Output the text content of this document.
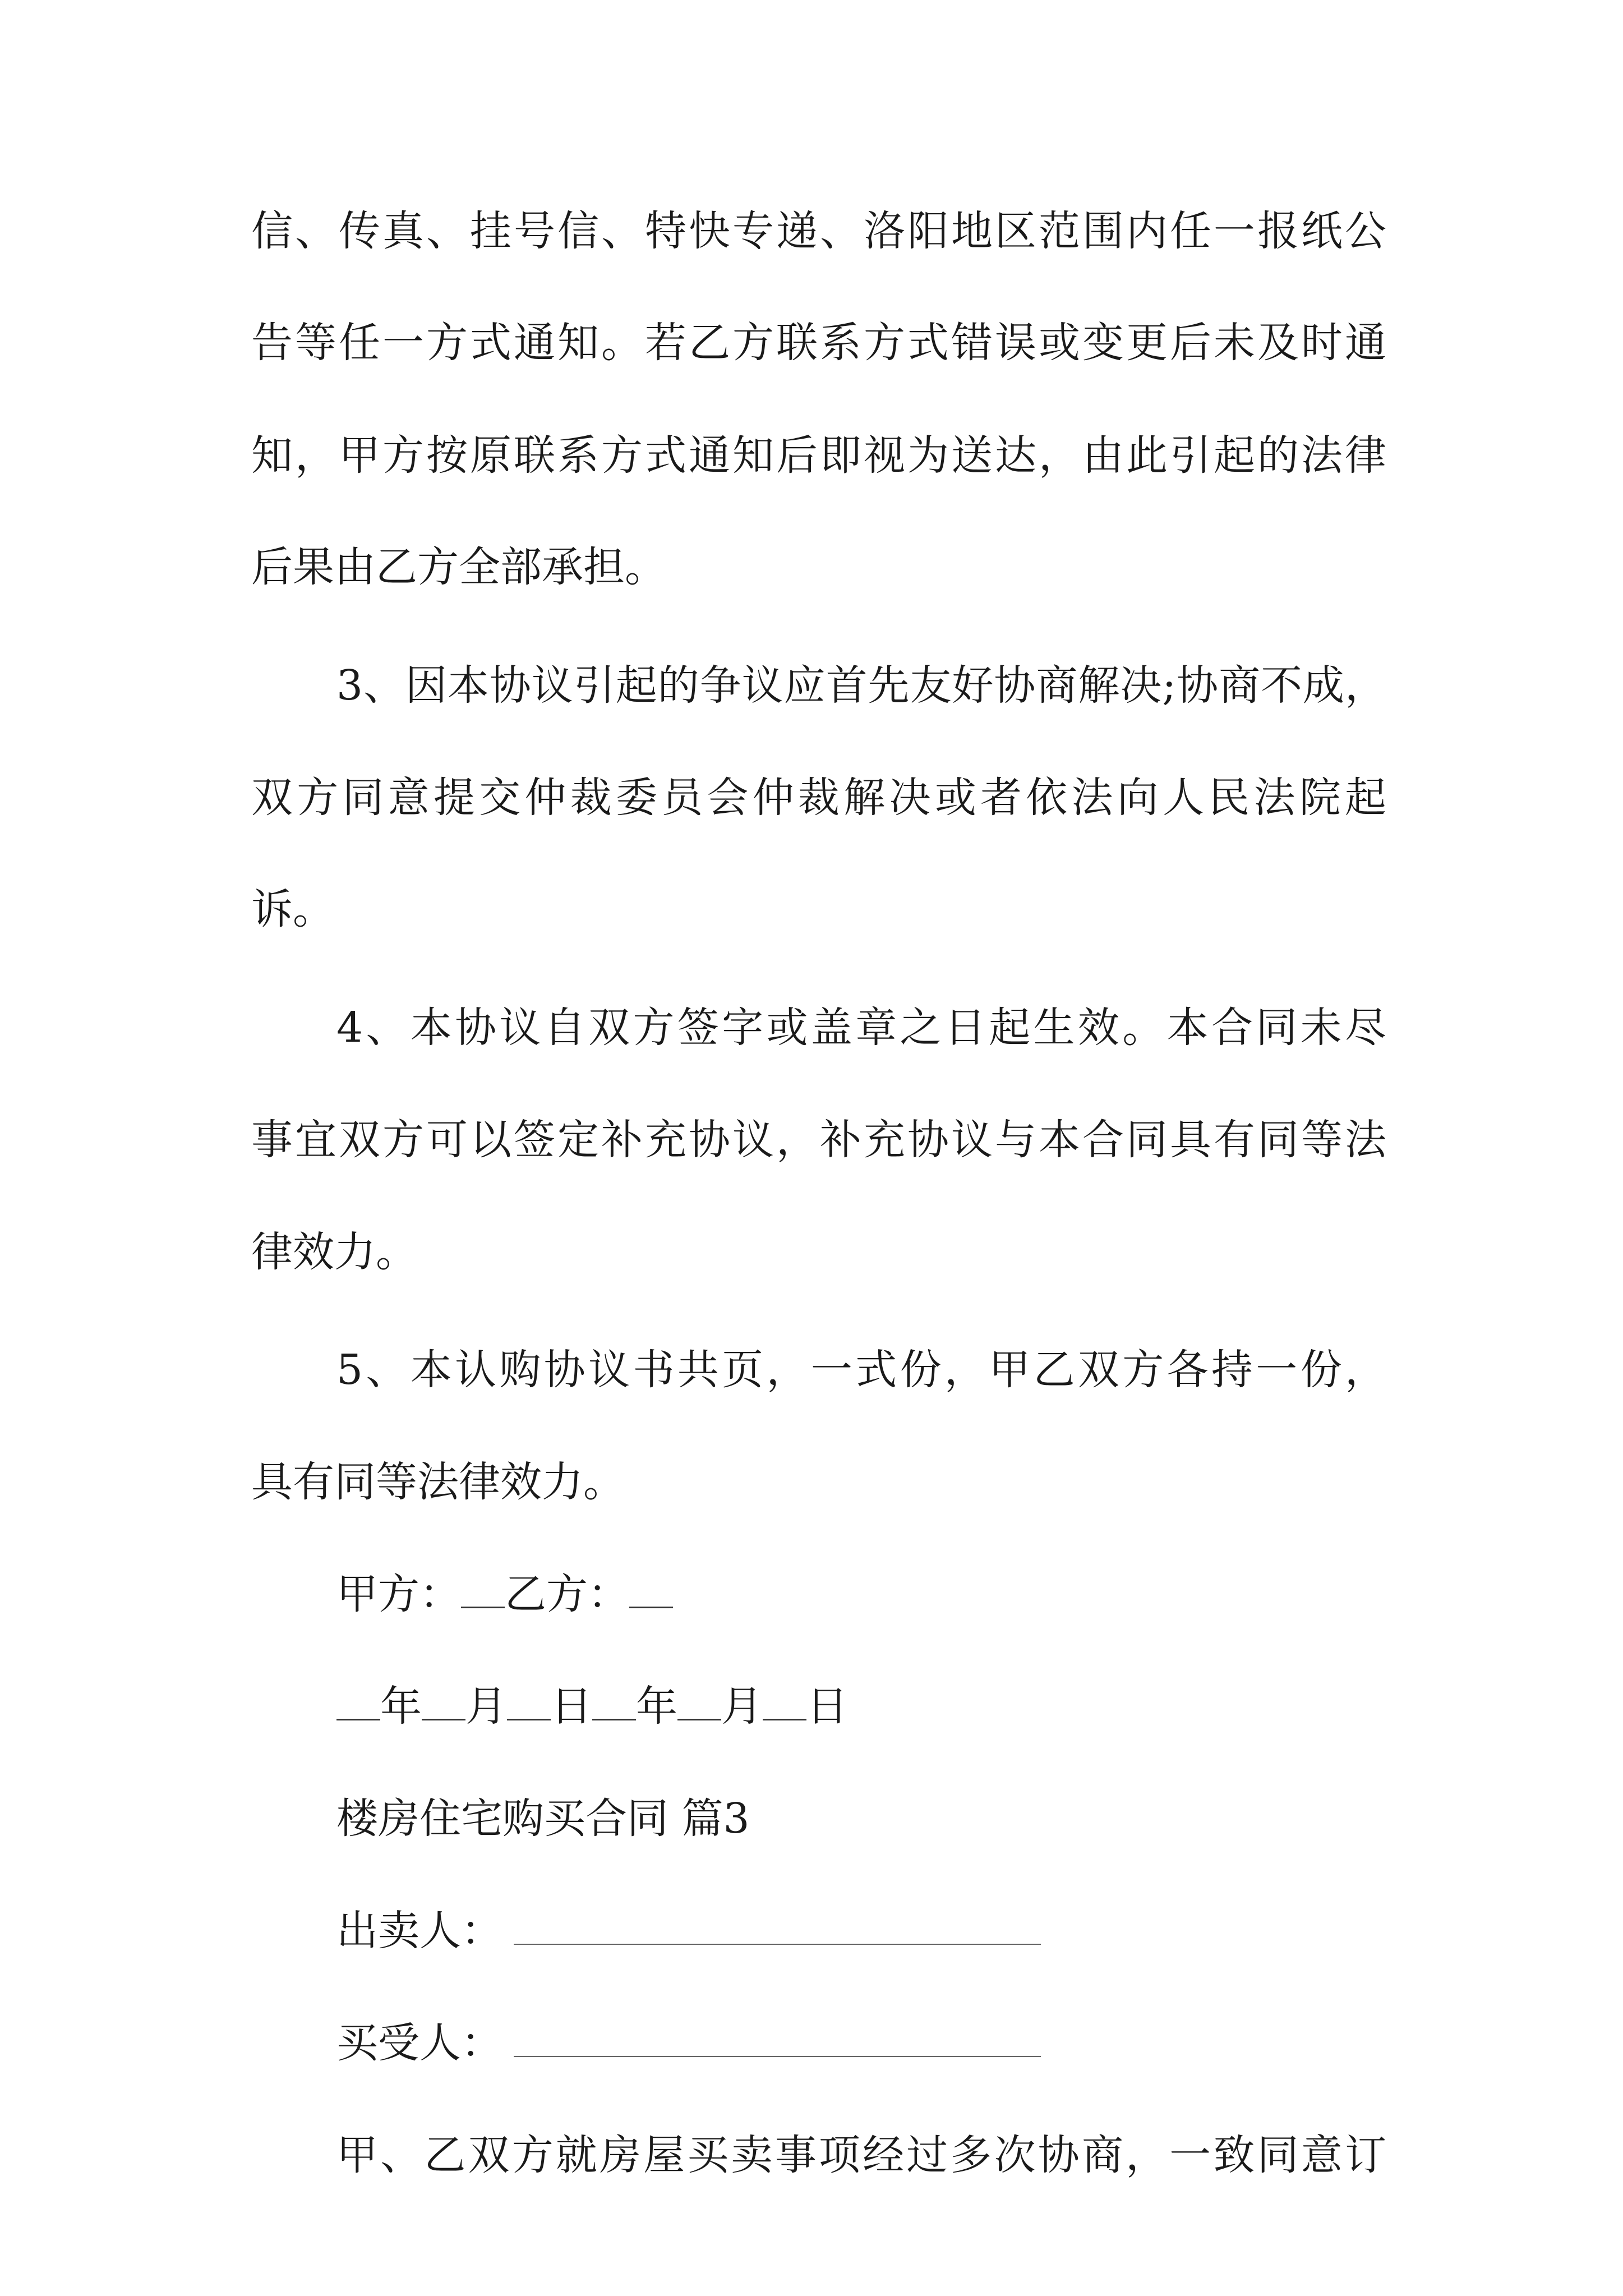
信、传真、挂号信、特快专递、洛阳地区范围内任一报纸公
告等任一方式通知。若乙方联系方式错误或变更后未及时通
知，甲方按原联系方式通知后即视为送达，由此引起的法律
后果由乙方全部承担。
3、因本协议引起的争议应首先友好协商解决;协商不成，
双方同意提交仲裁委员会仲裁解决或者依法向人民法院起
诉。
4、本协议自双方签字或盖章之日起生效。本合同未尽
事宜双方可以签定补充协议，补充协议与本合同具有同等法
律效力。
5、本认购协议书共页，一式份，甲乙双方各持一份，
具有同等法律效力。
甲方： 乙方：
年 月 日 年 月 日
楼房住宅购买合同 篇3
出卖人：
买受人：
甲、乙双方就房屋买卖事项经过多次协商，一致同意订
